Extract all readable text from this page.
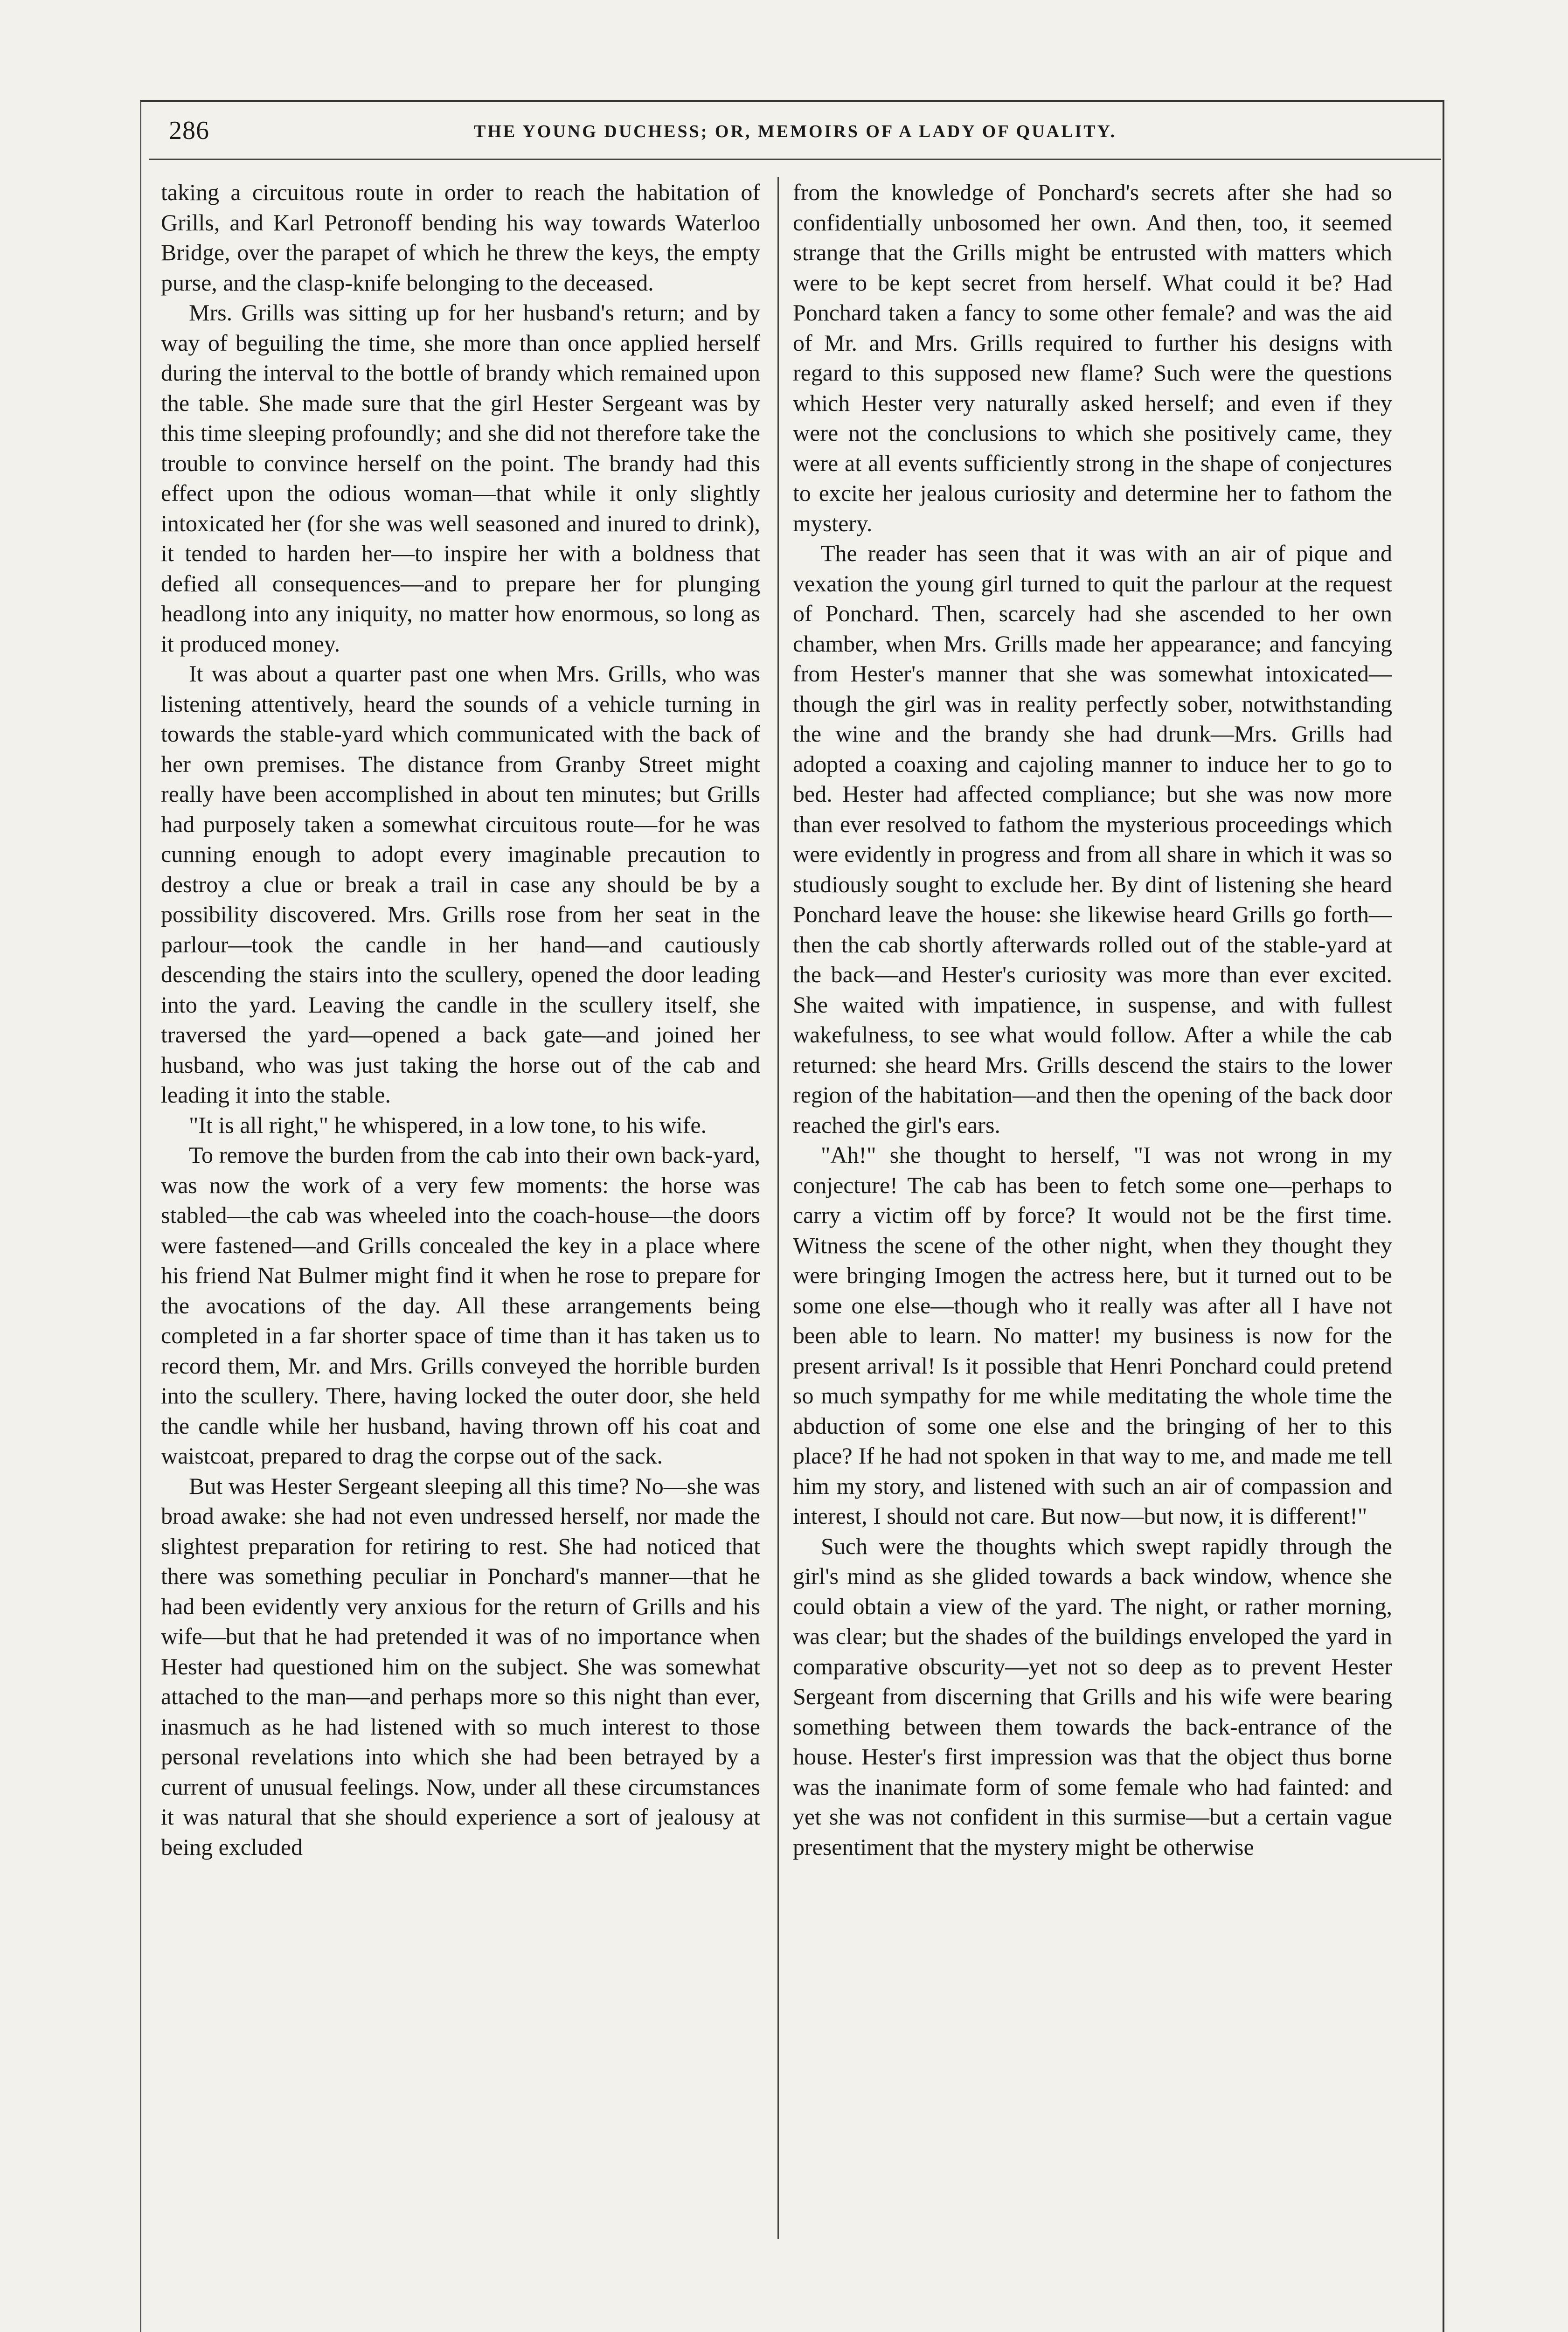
286	THE YOUNG DUCHESS; OR, MEMOIRS OF A LADY OF QUALITY.

taking a circuitous route in order to reach the habitation of Grills, and Karl Petronoff bending his way towards Waterloo Bridge, over the parapet of which he threw the keys, the empty purse, and the clasp-knife belonging to the deceased.

Mrs. Grills was sitting up for her husband's return; and by way of beguiling the time, she more than once applied herself during the interval to the bottle of brandy which remained upon the table. She made sure that the girl Hester Sergeant was by this time sleeping profoundly; and she did not therefore take the trouble to convince herself on the point. The brandy had this effect upon the odious woman—that while it only slightly intoxicated her (for she was well seasoned and inured to drink), it tended to harden her—to inspire her with a boldness that defied all consequences—and to prepare her for plunging headlong into any iniquity, no matter how enormous, so long as it produced money.

It was about a quarter past one when Mrs. Grills, who was listening attentively, heard the sounds of a vehicle turning in towards the stable-yard which communicated with the back of her own premises. The distance from Granby Street might really have been accomplished in about ten minutes; but Grills had purposely taken a somewhat circuitous route—for he was cunning enough to adopt every imaginable precaution to destroy a clue or break a trail in case any should be by a possibility discovered. Mrs. Grills rose from her seat in the parlour—took the candle in her hand—and cautiously descending the stairs into the scullery, opened the door leading into the yard. Leaving the candle in the scullery itself, she traversed the yard—opened a back gate—and joined her husband, who was just taking the horse out of the cab and leading it into the stable.

"It is all right," he whispered, in a low tone, to his wife.

To remove the burden from the cab into their own back-yard, was now the work of a very few moments: the horse was stabled—the cab was wheeled into the coach-house—the doors were fastened—and Grills concealed the key in a place where his friend Nat Bulmer might find it when he rose to prepare for the avocations of the day. All these arrangements being completed in a far shorter space of time than it has taken us to record them, Mr. and Mrs. Grills conveyed the horrible burden into the scullery. There, having locked the outer door, she held the candle while her husband, having thrown off his coat and waistcoat, prepared to drag the corpse out of the sack.

But was Hester Sergeant sleeping all this time? No—she was broad awake: she had not even undressed herself, nor made the slightest preparation for retiring to rest. She had noticed that there was something peculiar in Ponchard's manner—that he had been evidently very anxious for the return of Grills and his wife—but that he had pretended it was of no importance when Hester had questioned him on the subject. She was somewhat attached to the man—and perhaps more so this night than ever, inasmuch as he had listened with so much interest to those personal revelations into which she had been betrayed by a current of unusual feelings. Now, under all these circumstances it was natural that she should experience a sort of jealousy at being excluded

from the knowledge of Ponchard's secrets after she had so confidentially unbosomed her own. And then, too, it seemed strange that the Grills might be entrusted with matters which were to be kept secret from herself. What could it be? Had Ponchard taken a fancy to some other female? and was the aid of Mr. and Mrs. Grills required to further his designs with regard to this supposed new flame? Such were the questions which Hester very naturally asked herself; and even if they were not the conclusions to which she positively came, they were at all events sufficiently strong in the shape of conjectures to excite her jealous curiosity and determine her to fathom the mystery.

The reader has seen that it was with an air of pique and vexation the young girl turned to quit the parlour at the request of Ponchard. Then, scarcely had she ascended to her own chamber, when Mrs. Grills made her appearance; and fancying from Hester's manner that she was somewhat intoxicated—though the girl was in reality perfectly sober, notwithstanding the wine and the brandy she had drunk—Mrs. Grills had adopted a coaxing and cajoling manner to induce her to go to bed. Hester had affected compliance; but she was now more than ever resolved to fathom the mysterious proceedings which were evidently in progress and from all share in which it was so studiously sought to exclude her. By dint of listening she heard Ponchard leave the house: she likewise heard Grills go forth—then the cab shortly afterwards rolled out of the stable-yard at the back—and Hester's curiosity was more than ever excited. She waited with impatience, in suspense, and with fullest wakefulness, to see what would follow. After a while the cab returned: she heard Mrs. Grills descend the stairs to the lower region of the habitation—and then the opening of the back door reached the girl's ears.

"Ah!" she thought to herself, "I was not wrong in my conjecture! The cab has been to fetch some one—perhaps to carry a victim off by force? It would not be the first time. Witness the scene of the other night, when they thought they were bringing Imogen the actress here, but it turned out to be some one else—though who it really was after all I have not been able to learn. No matter! my business is now for the present arrival! Is it possible that Henri Ponchard could pretend so much sympathy for me while meditating the whole time the abduction of some one else and the bringing of her to this place? If he had not spoken in that way to me, and made me tell him my story, and listened with such an air of compassion and interest, I should not care. But now—but now, it is different!"

Such were the thoughts which swept rapidly through the girl's mind as she glided towards a back window, whence she could obtain a view of the yard. The night, or rather morning, was clear; but the shades of the buildings enveloped the yard in comparative obscurity—yet not so deep as to prevent Hester Sergeant from discerning that Grills and his wife were bearing something between them towards the back-entrance of the house. Hester's first impression was that the object thus borne was the inanimate form of some female who had fainted: and yet she was not confident in this surmise—but a certain vague presentiment that the mystery might be otherwise
